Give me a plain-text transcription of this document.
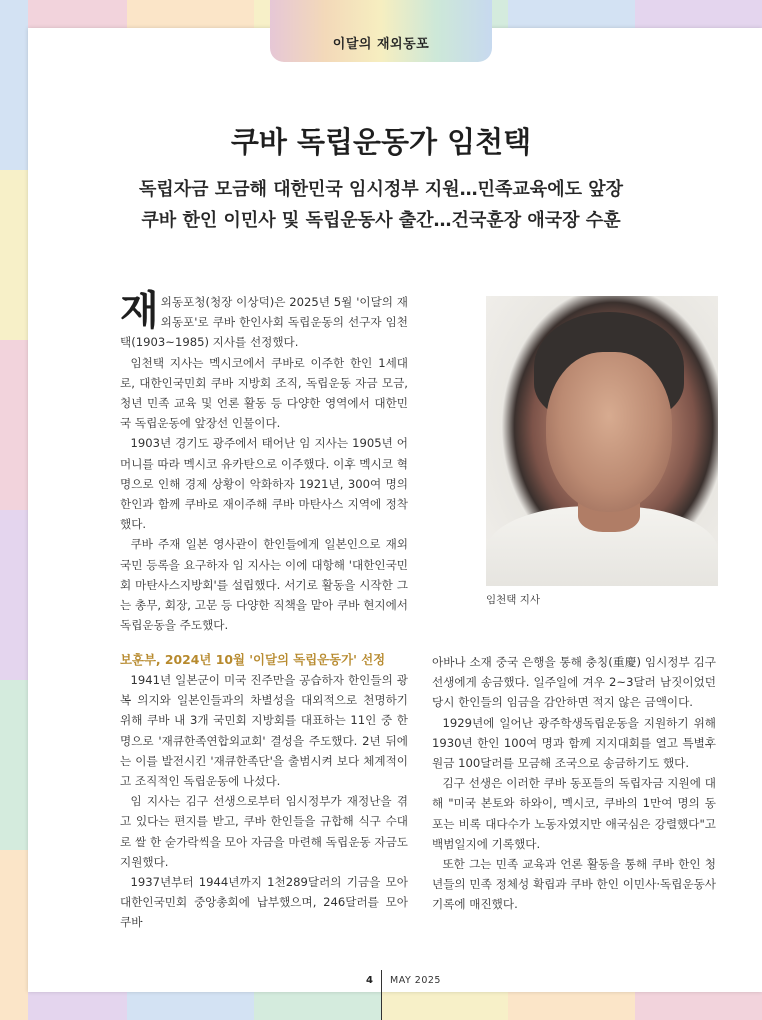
이달의 재외동포
쿠바 독립운동가 임천택
독립자금 모금해 대한민국 임시정부 지원…민족교육에도 앞장
쿠바 한인 이민사 및 독립운동사 출간…건국훈장 애국장 수훈

재외동포청(청장 이상덕)은 2025년 5월 '이달의 재외동포'로 쿠바 한인사회 독립운동의 선구자 임천택(1903~1985) 지사를 선정했다.

임천택 지사는 멕시코에서 쿠바로 이주한 한인 1세대로, 대한인국민회 쿠바 지방회 조직, 독립운동 자금 모금, 청년 민족 교육 및 언론 활동 등 다양한 영역에서 대한민국 독립운동에 앞장선 인물이다.

1903년 경기도 광주에서 태어난 임 지사는 1905년 어머니를 따라 멕시코 유카탄으로 이주했다. 이후 멕시코 혁명으로 인해 경제 상황이 악화하자 1921년, 300여 명의 한인과 함께 쿠바로 재이주해 쿠바 마탄사스 지역에 정착했다.

쿠바 주재 일본 영사관이 한인들에게 일본인으로 재외국민 등록을 요구하자 임 지사는 이에 대항해 '대한인국민회 마탄사스지방회'를 설립했다. 서기로 활동을 시작한 그는 총무, 회장, 고문 등 다양한 직책을 맡아 쿠바 현지에서 독립운동을 주도했다.

임천택 지사
보훈부, 2024년 10월 '이달의 독립운동가' 선정

1941년 일본군이 미국 진주만을 공습하자 한인들의 광복 의지와 일본인들과의 차별성을 대외적으로 천명하기 위해 쿠바 내 3개 국민회 지방회를 대표하는 11인 중 한 명으로 '재큐한족연합외교회' 결성을 주도했다. 2년 뒤에는 이를 발전시킨 '재큐한족단'을 출범시켜 보다 체계적이고 조직적인 독립운동에 나섰다.

임 지사는 김구 선생으로부터 임시정부가 재정난을 겪고 있다는 편지를 받고, 쿠바 한인들을 규합해 식구 수대로 쌀 한 숟가락씩을 모아 자금을 마련해 독립운동 자금도 지원했다.

1937년부터 1944년까지 1천289달러의 기금을 모아 대한인국민회 중앙총회에 납부했으며, 246달러를 모아 쿠바

아바나 소재 중국 은행을 통해 충칭(重慶) 임시정부 김구 선생에게 송금했다. 일주일에 겨우 2~3달러 남짓이었던 당시 한인들의 임금을 감안하면 적지 않은 금액이다.

1929년에 일어난 광주학생독립운동을 지원하기 위해 1930년 한인 100여 명과 함께 지지대회를 열고 특별후원금 100달러를 모금해 조국으로 송금하기도 했다.

김구 선생은 이러한 쿠바 동포들의 독립자금 지원에 대해 "미국 본토와 하와이, 멕시코, 쿠바의 1만여 명의 동포는 비록 대다수가 노동자였지만 애국심은 강렬했다"고 백범일지에 기록했다.

또한 그는 민족 교육과 언론 활동을 통해 쿠바 한인 청년들의 민족 정체성 확립과 쿠바 한인 이민사·독립운동사 기록에 매진했다.

4 MAY 2025
